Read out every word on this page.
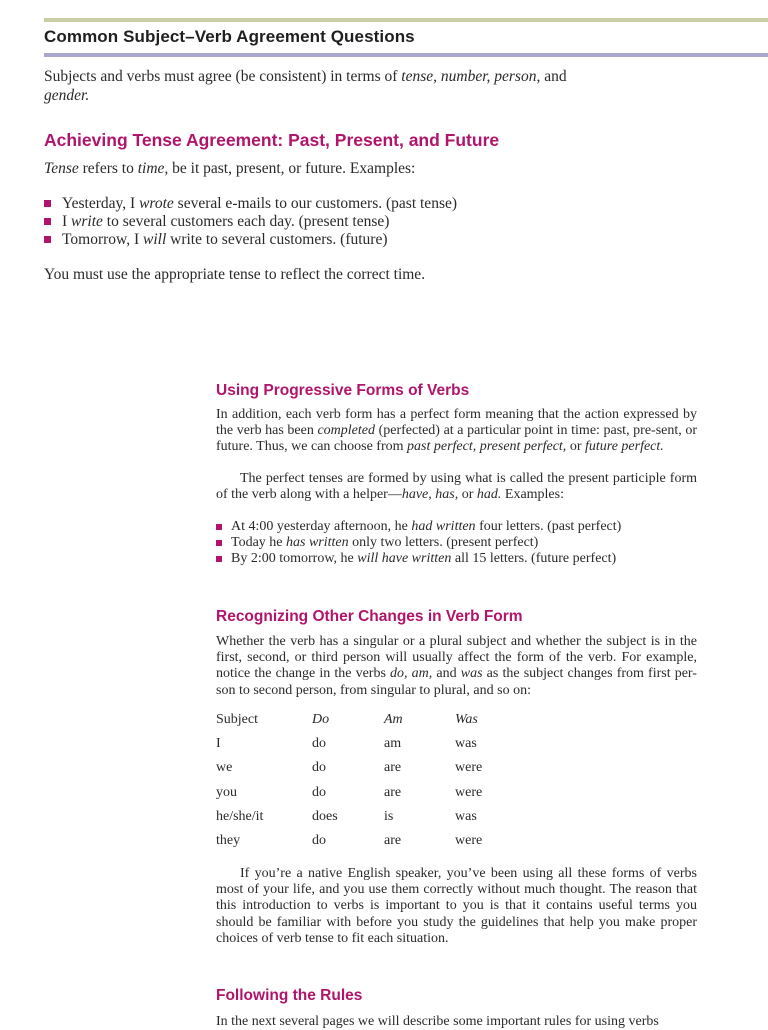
Common Subject–Verb Agreement Questions

Subjects and verbs must agree (be consistent) in terms of tense, number, person, and
gender.

Achieving Tense Agreement: Past, Present, and Future

Tense refers to time, be it past, present, or future. Examples:

Yesterday, I wrote several e-mails to our customers. (past tense)
I write to several customers each day. (present tense)
Tomorrow, I will write to several customers. (future)

You must use the appropriate tense to reflect the correct time.

Using Progressive Forms of Verbs

In addition, each verb form has a perfect form meaning that the action expressed by the verb has been completed (perfected) at a particular point in time: past, pre-sent, or future. Thus, we can choose from past perfect, present perfect, or future perfect.

The perfect tenses are formed by using what is called the present participle form of the verb along with a helper—have, has, or had. Examples:

At 4:00 yesterday afternoon, he had written four letters. (past perfect)
Today he has written only two letters. (present perfect)
By 2:00 tomorrow, he will have written all 15 letters. (future perfect)
Recognizing Other Changes in Verb Form

Whether the verb has a singular or a plural subject and whether the subject is in the first, second, or third person will usually affect the form of the verb. For example, notice the change in the verbs do, am, and was as the subject changes from first per-son to second person, from singular to plural, and so on:

Subject	Do	Am	Was
I	do	am	was
we	do	are	were
you	do	are	were
he/she/it	does	is	was
they	do	are	were

If you’re a native English speaker, you’ve been using all these forms of verbs most of your life, and you use them correctly without much thought. The reason that this introduction to verbs is important to you is that it contains useful terms you should be familiar with before you study the guidelines that help you make proper choices of verb tense to fit each situation.

Following the Rules

In the next several pages we will describe some important rules for using verbs
